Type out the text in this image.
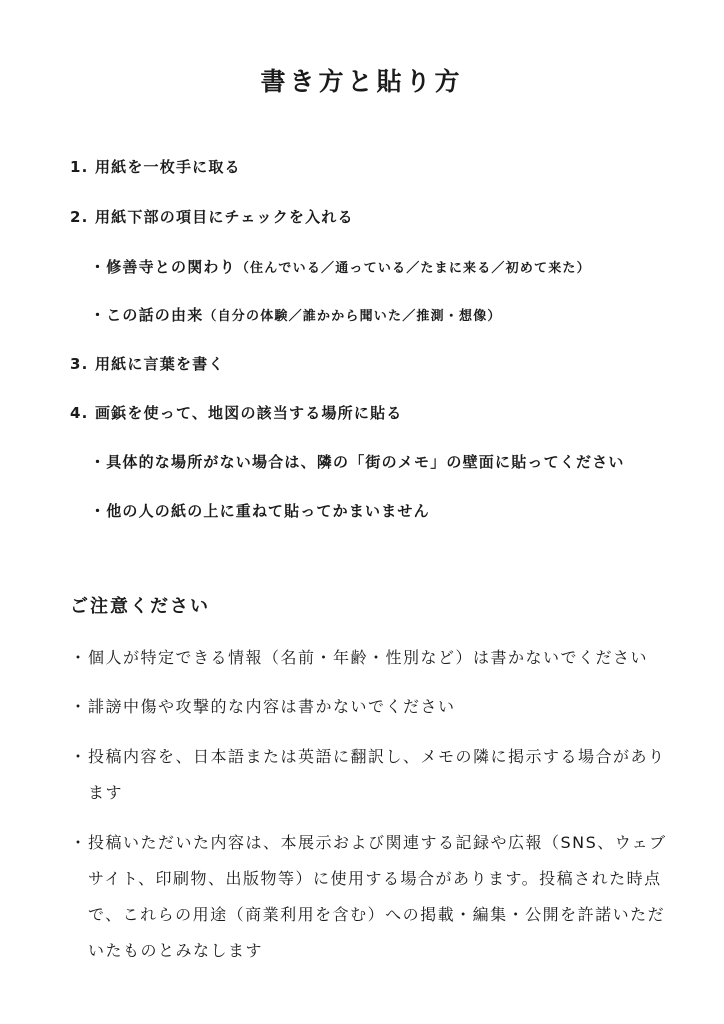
書き方と貼り方
1. 用紙を一枚手に取る
2. 用紙下部の項目にチェックを入れる
・修善寺との関わり（住んでいる／通っている／たまに来る／初めて来た）
・この話の由来（自分の体験／誰かから聞いた／推測・想像）
3. 用紙に言葉を書く
4. 画鋲を使って、地図の該当する場所に貼る
・具体的な場所がない場合は、隣の「街のメモ」の壁面に貼ってください
・他の人の紙の上に重ねて貼ってかまいません
ご注意ください
・ 個人が特定できる情報（名前・年齢・性別など）は書かないでください
・ 誹謗中傷や攻撃的な内容は書かないでください
・ 投稿内容を、日本語または英語に翻訳し、メモの隣に掲示する場合があります
・ 投稿いただいた内容は、本展示および関連する記録や広報（SNS、ウェブサイト、印刷物、出版物等）に使用する場合があります。投稿された時点で、これらの用途（商業利用を含む）への掲載・編集・公開を許諾いただいたものとみなします
